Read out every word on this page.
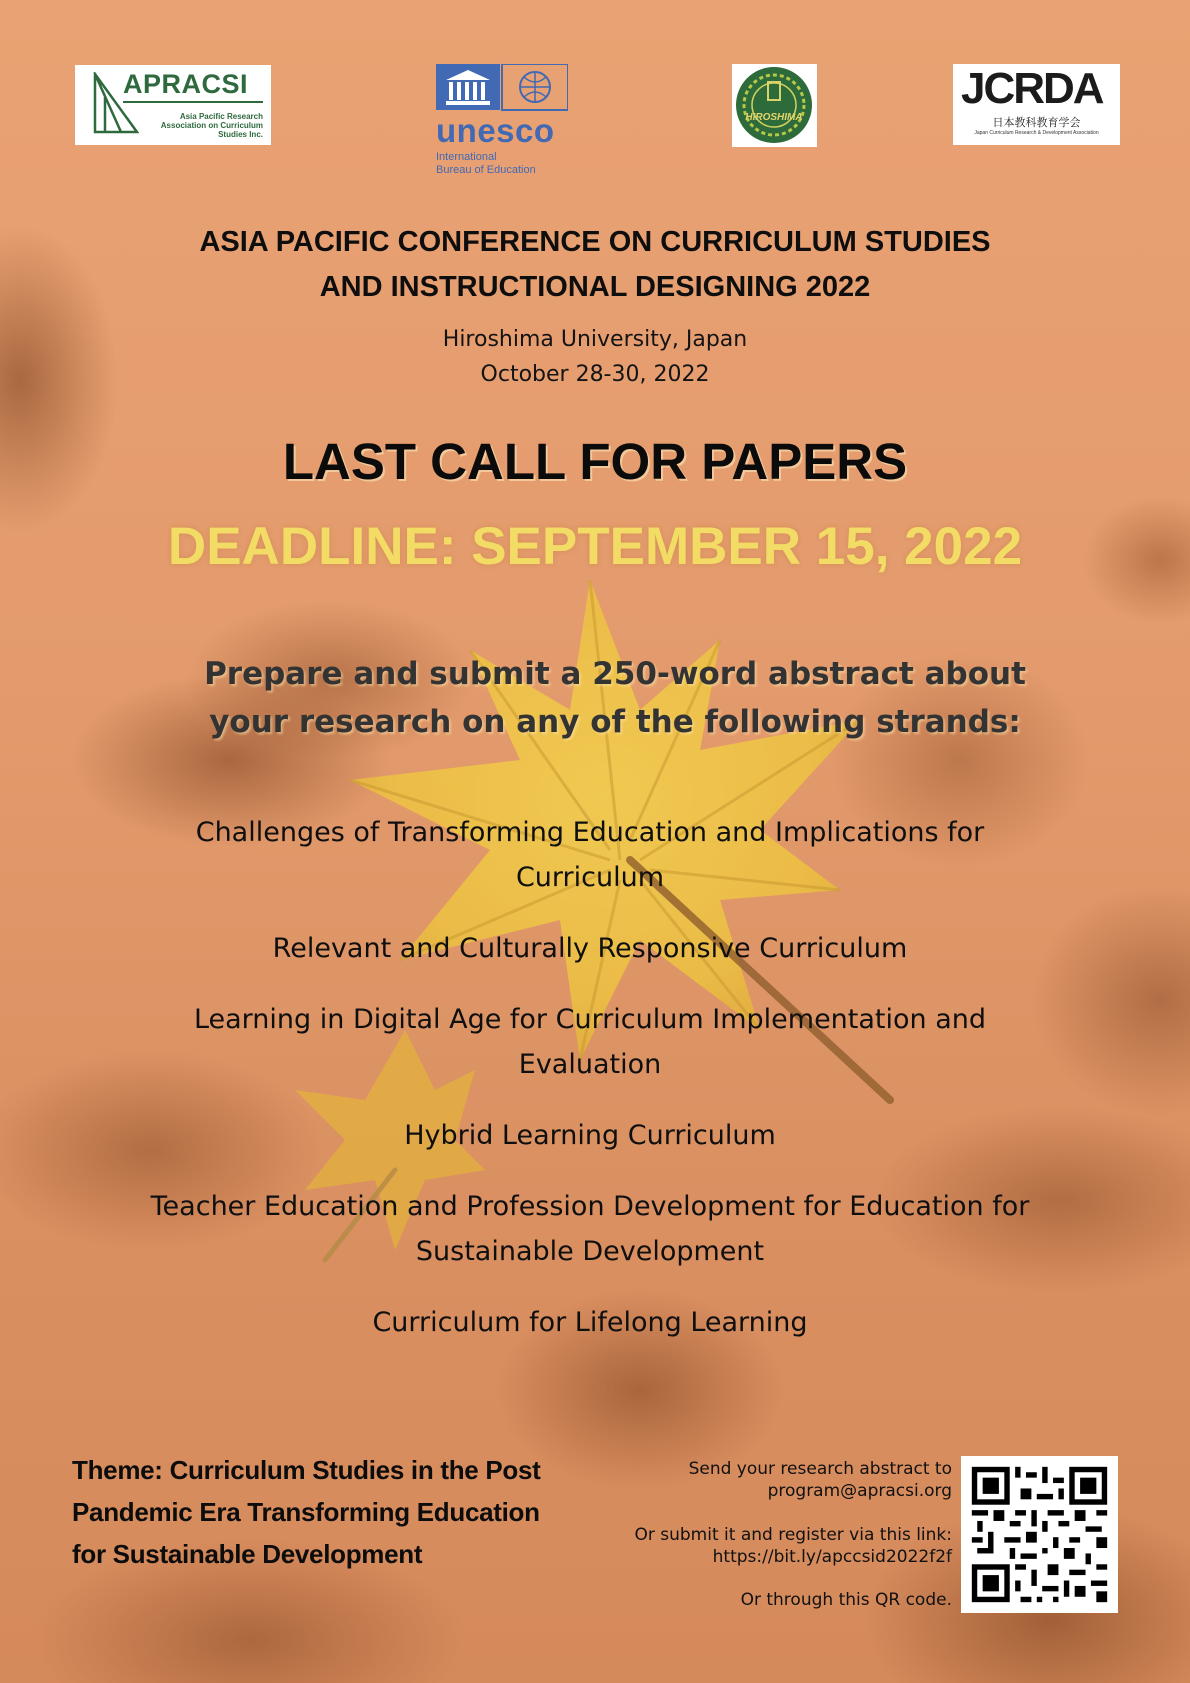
APRACSI
Asia Pacific Research Association on Curriculum Studies Inc.	unesco
International
Bureau of Education
HIROSHIMA
JCRDA
日本教科教育学会
Japan Curriculum Research & Development Association
ASIA PACIFIC CONFERENCE ON CURRICULUM STUDIES
AND INSTRUCTIONAL DESIGNING 2022
Hiroshima University, Japan
October 28-30, 2022
LAST CALL FOR PAPERS
DEADLINE: SEPTEMBER 15, 2022
Prepare and submit a 250-word abstract about
your research on any of the following strands:
Challenges of Transforming Education and Implications for Curriculum
Relevant and Culturally Responsive Curriculum
Learning in Digital Age for Curriculum Implementation and Evaluation
Hybrid Learning Curriculum
Teacher Education and Profession Development for Education for Sustainable Development
Curriculum for Lifelong Learning
Theme: Curriculum Studies in the Post Pandemic Era Transforming Education for Sustainable Development
Send your research abstract to
program@apracsi.org
Or submit it and register via this link:
https://bit.ly/apccsid2022f2f
Or through this QR code.
